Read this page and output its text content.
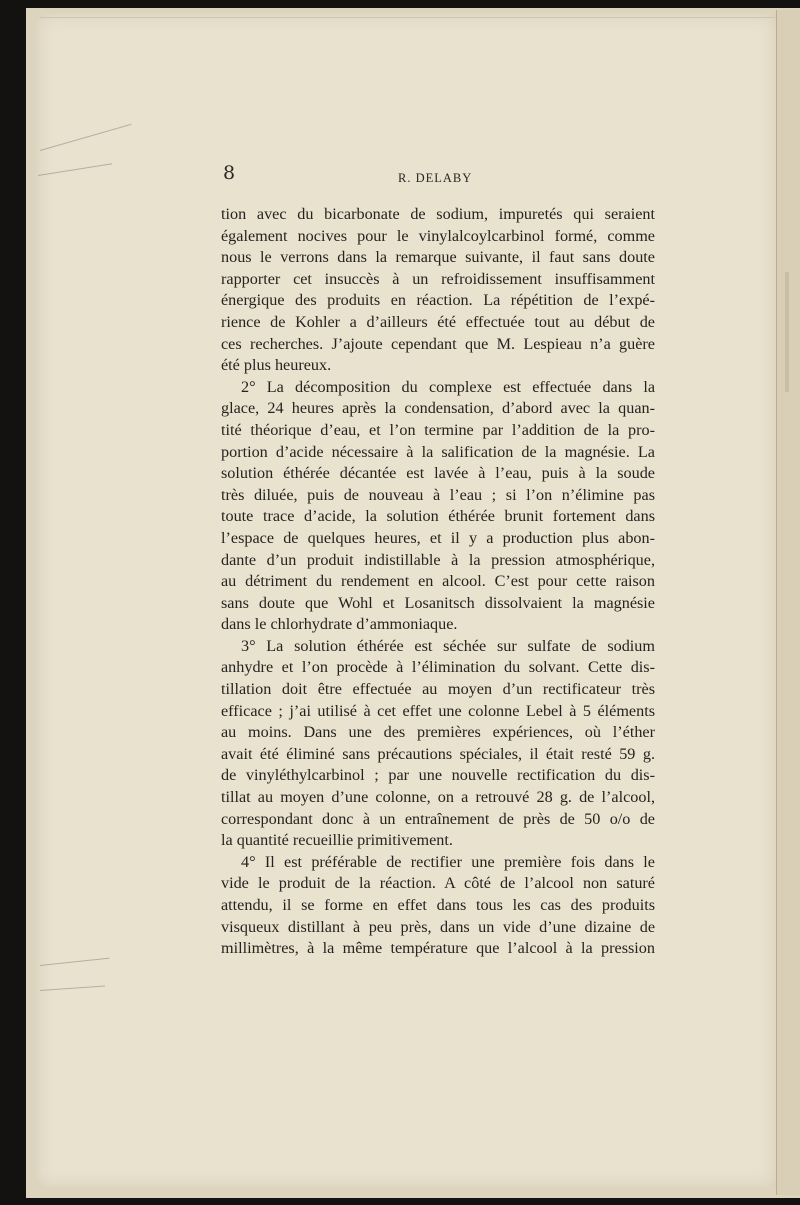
8	R. DELABY
tion avec du bicarbonate de sodium, impuretés qui seraient
également nocives pour le vinylalcoylcarbinol formé, comme
nous le verrons dans la remarque suivante, il faut sans doute
rapporter cet insuccès à un refroidissement insuffisamment
énergique des produits en réaction. La répétition de l’expé-
rience de Kohler a d’ailleurs été effectuée tout au début de
ces recherches. J’ajoute cependant que M. Lespieau n’a guère
été plus heureux.
2° La décomposition du complexe est effectuée dans la
glace, 24 heures après la condensation, d’abord avec la quan-
tité théorique d’eau, et l’on termine par l’addition de la pro-
portion d’acide nécessaire à la salification de la magnésie. La
solution éthérée décantée est lavée à l’eau, puis à la soude
très diluée, puis de nouveau à l’eau ; si l’on n’élimine pas
toute trace d’acide, la solution éthérée brunit fortement dans
l’espace de quelques heures, et il y a production plus abon-
dante d’un produit indistillable à la pression atmosphérique,
au détriment du rendement en alcool. C’est pour cette raison
sans doute que Wohl et Losanitsch dissolvaient la magnésie
dans le chlorhydrate d’ammoniaque.
3° La solution éthérée est séchée sur sulfate de sodium
anhydre et l’on procède à l’élimination du solvant. Cette dis-
tillation doit être effectuée au moyen d’un rectificateur très
efficace ; j’ai utilisé à cet effet une colonne Lebel à 5 éléments
au moins. Dans une des premières expériences, où l’éther
avait été éliminé sans précautions spéciales, il était resté 59 g.
de vinyléthylcarbinol ; par une nouvelle rectification du dis-
tillat au moyen d’une colonne, on a retrouvé 28 g. de l’alcool,
correspondant donc à un entraînement de près de 50 o/o de
la quantité recueillie primitivement.
4° Il est préférable de rectifier une première fois dans le
vide le produit de la réaction. A côté de l’alcool non saturé
attendu, il se forme en effet dans tous les cas des produits
visqueux distillant à peu près, dans un vide d’une dizaine de
millimètres, à la même température que l’alcool à la pression
